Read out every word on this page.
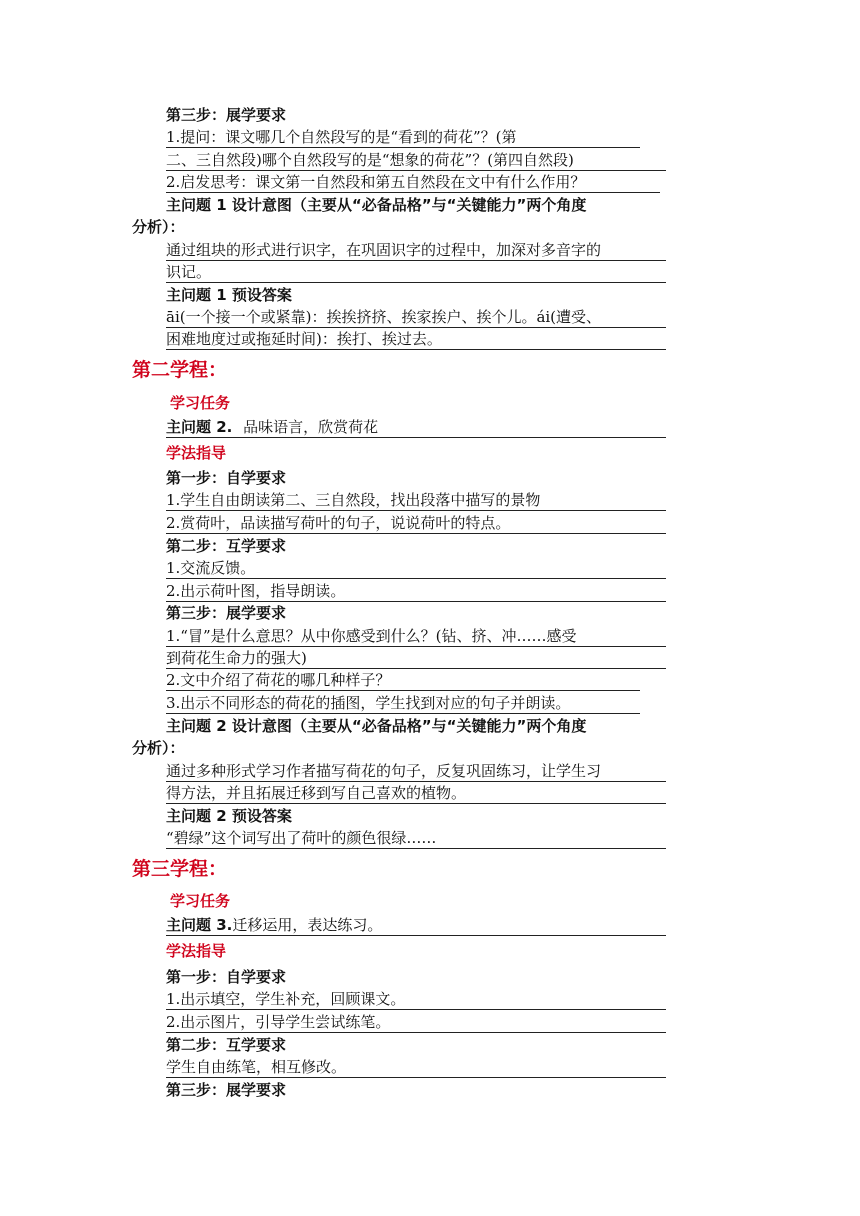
第三步：展学要求
1.提问：课文哪几个自然段写的是“看到的荷花”？(第
二、三自然段)哪个自然段写的是“想象的荷花”？(第四自然段)
2.启发思考：课文第一自然段和第五自然段在文中有什么作用？
主问题 1 设计意图（主要从“必备品格”与“关键能力”两个角度
分析）：
通过组块的形式进行识字，在巩固识字的过程中，加深对多音字的
识记。
主问题 1 预设答案
āi(一个接一个或紧靠)：挨挨挤挤、挨家挨户、挨个儿。ái(遭受、
困难地度过或拖延时间)：挨打、挨过去。
第二学程：
学习任务
主问题 2. 品味语言，欣赏荷花
学法指导
第一步：自学要求
1.学生自由朗读第二、三自然段，找出段落中描写的景物
2.赏荷叶，品读描写荷叶的句子，说说荷叶的特点。
第二步：互学要求
1.交流反馈。
2.出示荷叶图，指导朗读。
第三步：展学要求
1.“冒”是什么意思？从中你感受到什么？(钻、挤、冲……感受
到荷花生命力的强大)
2.文中介绍了荷花的哪几种样子？
3.出示不同形态的荷花的插图，学生找到对应的句子并朗读。
主问题 2 设计意图（主要从“必备品格”与“关键能力”两个角度
分析）：
通过多种形式学习作者描写荷花的句子，反复巩固练习，让学生习
得方法，并且拓展迁移到写自己喜欢的植物。
主问题 2 预设答案
“碧绿”这个词写出了荷叶的颜色很绿……
第三学程：
学习任务
主问题 3.迁移运用，表达练习。
学法指导
第一步：自学要求
1.出示填空，学生补充，回顾课文。
2.出示图片，引导学生尝试练笔。
第二步：互学要求
学生自由练笔，相互修改。
第三步：展学要求
